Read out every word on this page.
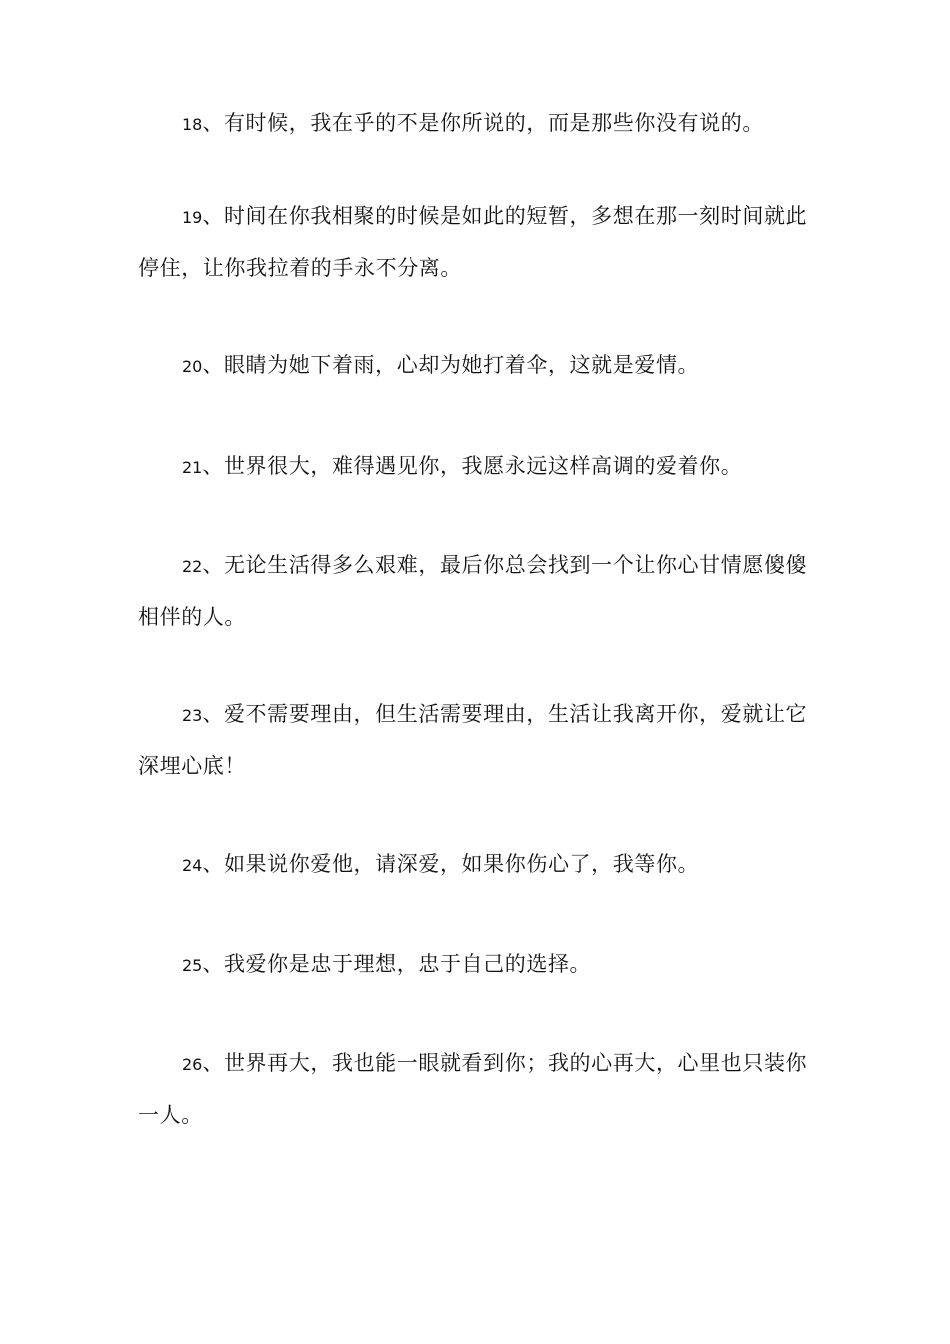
18、有时候，我在乎的不是你所说的，而是那些你没有说的。

19、时间在你我相聚的时候是如此的短暂，多想在那一刻时间就此停住，让你我拉着的手永不分离。

20、眼睛为她下着雨，心却为她打着伞，这就是爱情。

21、世界很大，难得遇见你，我愿永远这样高调的爱着你。

22、无论生活得多么艰难，最后你总会找到一个让你心甘情愿傻傻相伴的人。

23、爱不需要理由，但生活需要理由，生活让我离开你，爱就让它深埋心底！

24、如果说你爱他，请深爱，如果你伤心了，我等你。

25、我爱你是忠于理想，忠于自己的选择。

26、世界再大，我也能一眼就看到你；我的心再大，心里也只装你一人。
